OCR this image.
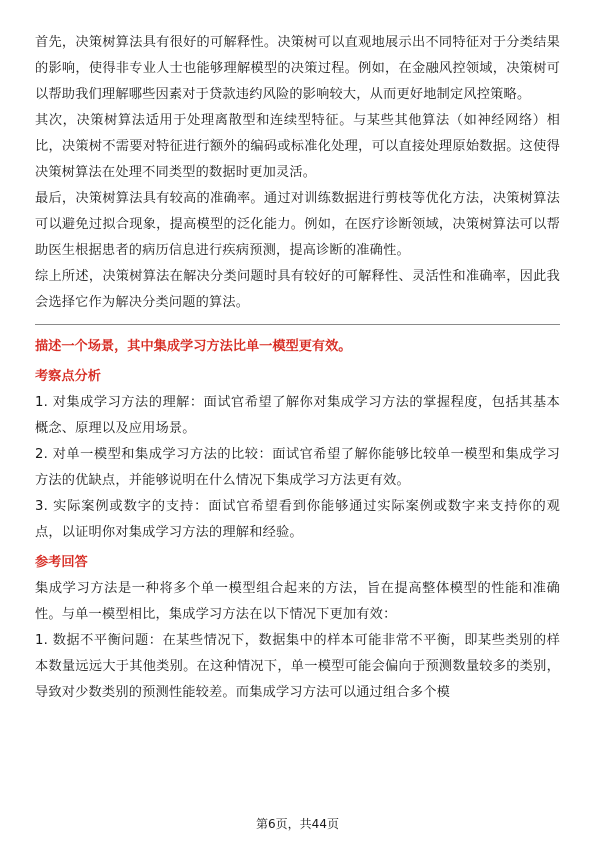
首先，决策树算法具有很好的可解释性。决策树可以直观地展示出不同特征对于分类结果的影响，使得非专业人士也能够理解模型的决策过程。例如，在金融风控领域，决策树可以帮助我们理解哪些因素对于贷款违约风险的影响较大，从而更好地制定风控策略。

其次，决策树算法适用于处理离散型和连续型特征。与某些其他算法（如神经网络）相比，决策树不需要对特征进行额外的编码或标准化处理，可以直接处理原始数据。这使得决策树算法在处理不同类型的数据时更加灵活。

最后，决策树算法具有较高的准确率。通过对训练数据进行剪枝等优化方法，决策树算法可以避免过拟合现象，提高模型的泛化能力。例如，在医疗诊断领域，决策树算法可以帮助医生根据患者的病历信息进行疾病预测，提高诊断的准确性。

综上所述，决策树算法在解决分类问题时具有较好的可解释性、灵活性和准确率，因此我会选择它作为解决分类问题的算法。

描述一个场景，其中集成学习方法比单一模型更有效。

考察点分析

1. 对集成学习方法的理解：面试官希望了解你对集成学习方法的掌握程度，包括其基本概念、原理以及应用场景。

2. 对单一模型和集成学习方法的比较：面试官希望了解你能够比较单一模型和集成学习方法的优缺点，并能够说明在什么情况下集成学习方法更有效。

3. 实际案例或数字的支持：面试官希望看到你能够通过实际案例或数字来支持你的观点，以证明你对集成学习方法的理解和经验。

参考回答

集成学习方法是一种将多个单一模型组合起来的方法，旨在提高整体模型的性能和准确性。与单一模型相比，集成学习方法在以下情况下更加有效：

1. 数据不平衡问题：在某些情况下，数据集中的样本可能非常不平衡，即某些类别的样本数量远远大于其他类别。在这种情况下，单一模型可能会偏向于预测数量较多的类别，导致对少数类别的预测性能较差。而集成学习方法可以通过组合多个模

第6页，共44页
